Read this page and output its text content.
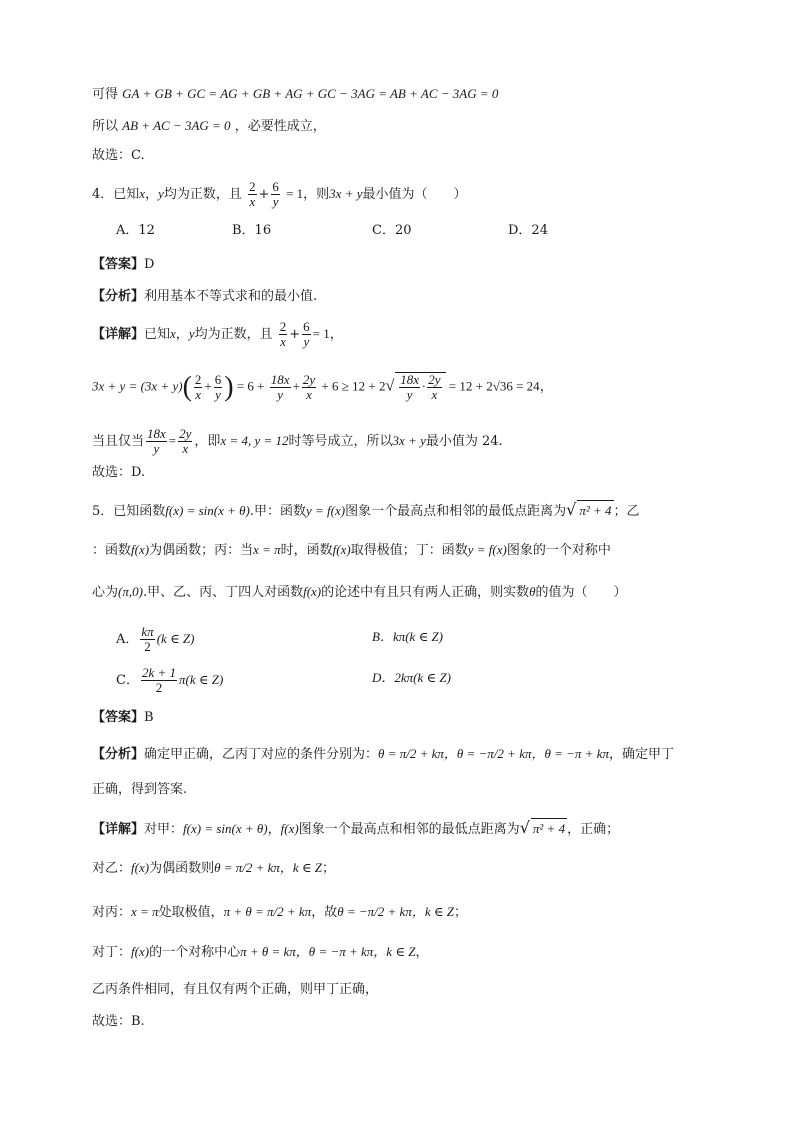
可得 GA + GB + GC = AG + GB + AG + GC − 3AG = AB + AC − 3AG = 0
所以 AB + AC − 3AG = 0 ，必要性成立，
故选：C.
4．已知x，y均为正数，且 $\frac{2}{x} + \frac{6}{y} = 1$，则3x + y最小值为（　　）
A．12	B．16	C．20	D．24
【答案】D
【分析】利用基本不等式求和的最小值.
【详解】已知x，y均为正数，且 $\frac{2}{x} + \frac{6}{y} = 1$，
$3x + y = (3x + y)( \frac{2}{x} + \frac{6}{y}$ ) = $6 + \frac{18x}{y} + \frac{2y}{x} + 6 \ge 12 + 2√ \frac{18x}{y} \cdot \frac{2y}{x} = 12 + 2√36 = 24$，
当且仅当 $\frac{18x}{y} = \frac{2y}{x}$ ，即x = 4, y = 12时等号成立，所以3x + y最小值为 24.
故选：D.
5．已知函数f(x) = sin(x + θ).甲：函数y = f(x)图象一个最高点和相邻的最低点距离为√ π² + 4 ；乙
：函数f(x)为偶函数；丙：当x = π时，函数f(x)取得极值；丁：函数y = f(x)图象的一个对称中
心为(π,0).甲、乙、丙、丁四人对函数f(x)的论述中有且只有两人正确，则实数θ的值为（　　）
A． $\frac{k\pi}{2} (k$ ∈ Z)	B．kπ(k ∈ Z)
C． $\frac{2k + 1}{2} \pi(k$ ∈ Z)	D．2kπ(k ∈ Z)
【答案】B
【分析】确定甲正确，乙丙丁对应的条件分别为：θ = π/2 + kπ，θ = −π/2 + kπ，θ = −π + kπ，确定甲丁
正确，得到答案.
【详解】对甲：f(x) = sin(x + θ)，f(x)图象一个最高点和相邻的最低点距离为√ π² + 4 ，正确；
对乙：f(x)为偶函数则θ = π/2 + kπ，k ∈ Z；
对丙：x = π处取极值，π + θ = π/2 + kπ，故θ = −π/2 + kπ，k ∈ Z；
对丁：f(x)的一个对称中心π + θ = kπ，θ = −π + kπ，k ∈ Z，
乙丙条件相同，有且仅有两个正确，则甲丁正确，
故选：B.
